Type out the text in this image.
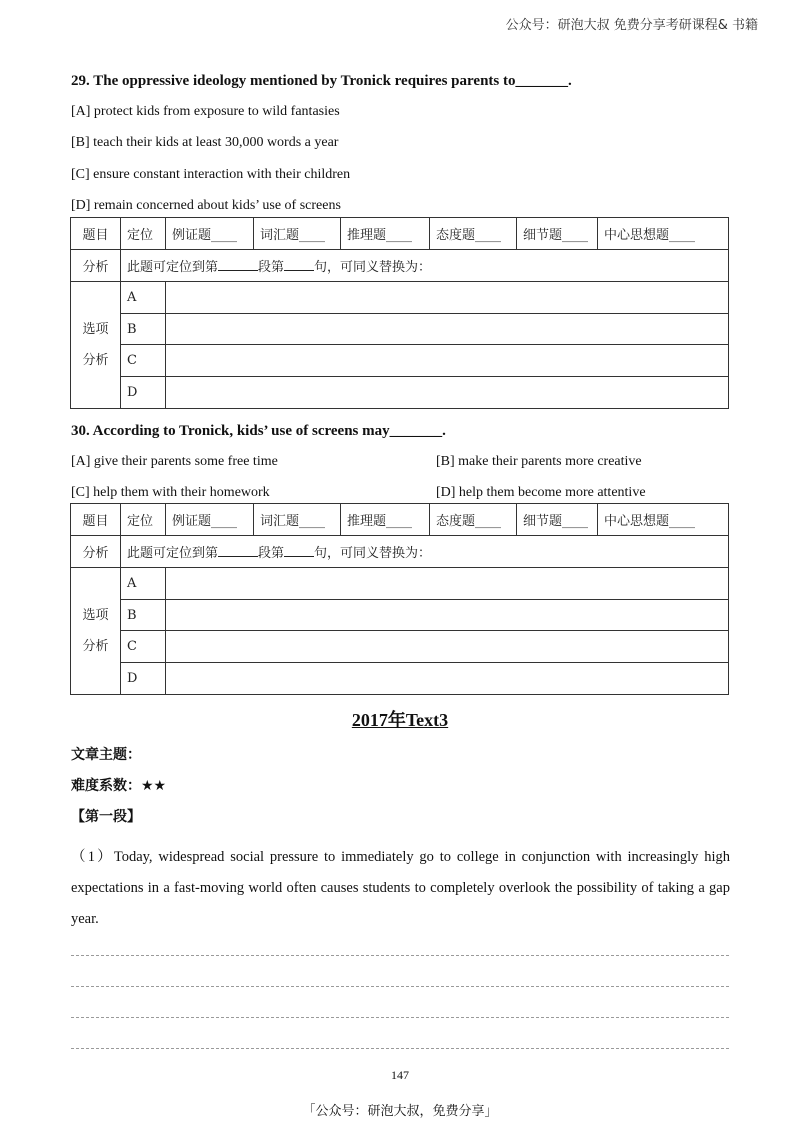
公众号：研泡大叔 免费分享考研课程& 书籍
29. The oppressive ideology mentioned by Tronick requires parents to_______.
[A] protect kids from exposure to wild fantasies
[B] teach their kids at least 30,000 words a year
[C] ensure constant interaction with their children
[D] remain concerned about kids’ use of screens
题目	定位	例证题____	词汇题____	推理题____	态度题____	细节题____	中心思想题____
分析	此题可定位到第 段第 句，可同义替换为：						

选项
分析	A						
	B						
	C						
	D						
30. According to Tronick, kids’ use of screens may_______.
[A] give their parents some free time	[B] make their parents more creative
[C] help them with their homework	[D] help them become more attentive
题目	定位	例证题____	词汇题____	推理题____	态度题____	细节题____	中心思想题____
分析	此题可定位到第 段第 句，可同义替换为：						

选项
分析	A						
	B						
	C						
	D						
2017年Text3
文章主题：
难度系数：★★
【第一段】
（1）Today, widespread social pressure to immediately go to college in conjunction with increasingly high expectations in a fast-moving world often causes students to completely overlook the possibility of taking a gap year.
147
「公众号：研泡大叔，免费分享」
